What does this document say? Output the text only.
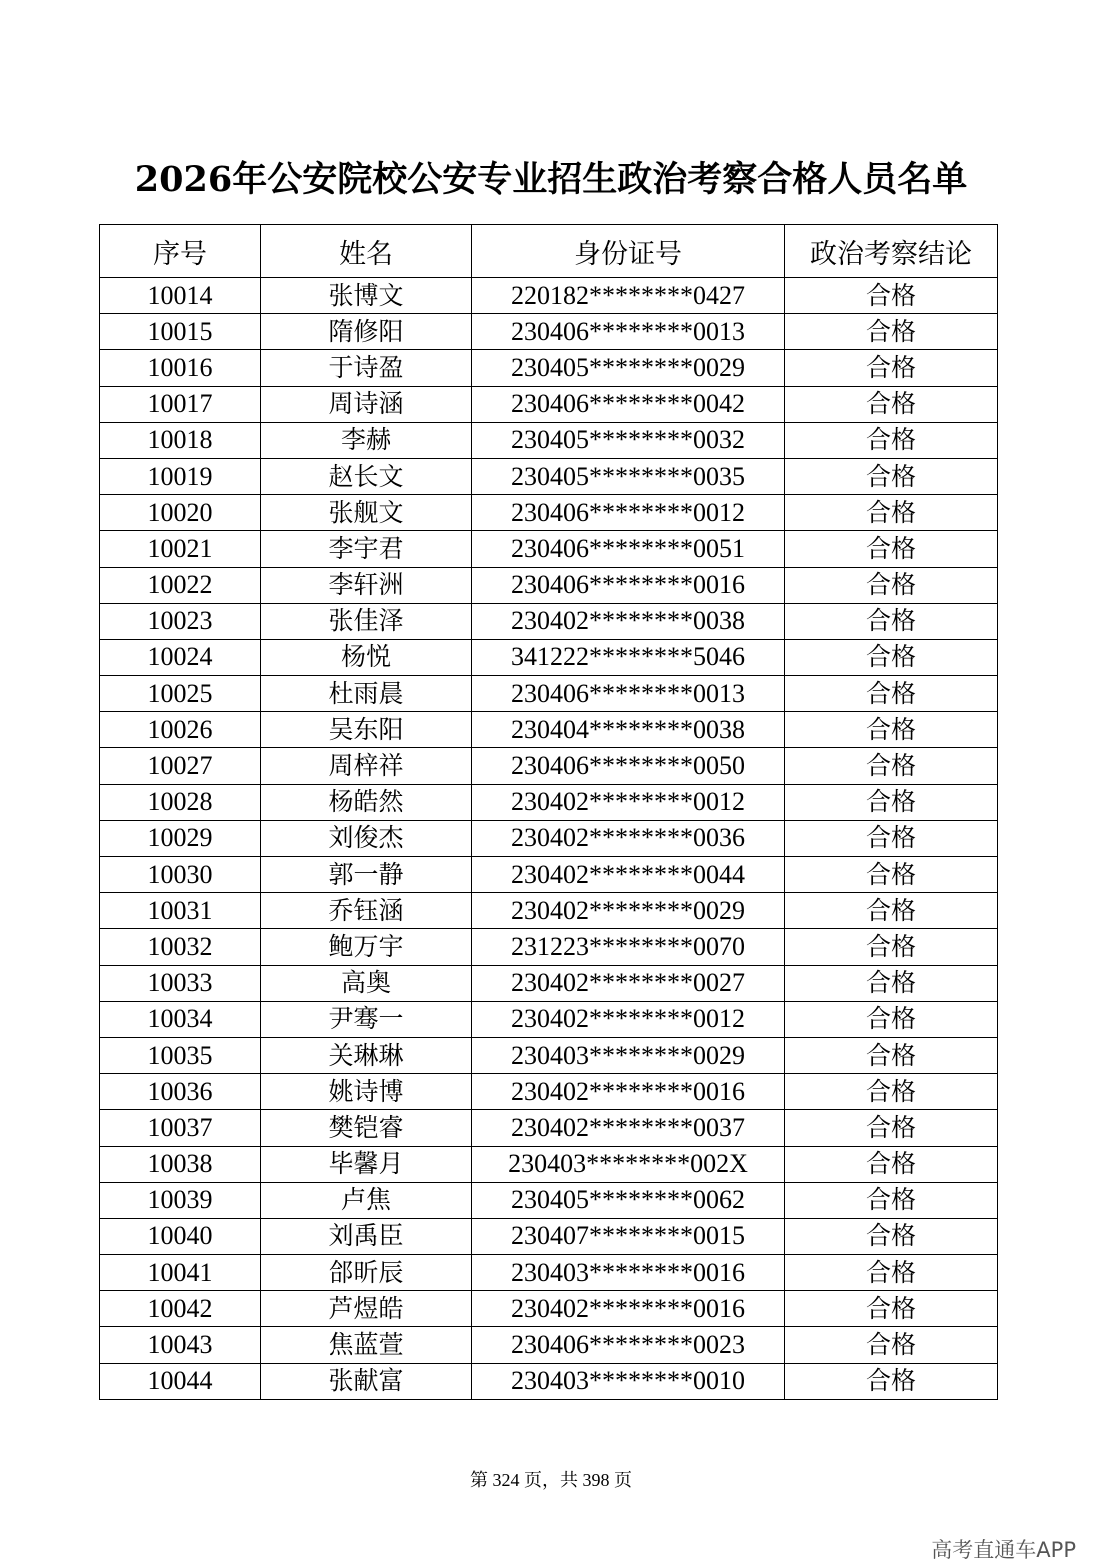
2026年公安院校公安专业招生政治考察合格人员名单
序号	姓名	身份证号	政治考察结论
10014	张博文	220182********0427	合格
10015	隋修阳	230406********0013	合格
10016	于诗盈	230405********0029	合格
10017	周诗涵	230406********0042	合格
10018	李赫	230405********0032	合格
10019	赵长文	230405********0035	合格
10020	张舰文	230406********0012	合格
10021	李宇君	230406********0051	合格
10022	李轩洲	230406********0016	合格
10023	张佳泽	230402********0038	合格
10024	杨悦	341222********5046	合格
10025	杜雨晨	230406********0013	合格
10026	吴东阳	230404********0038	合格
10027	周梓祥	230406********0050	合格
10028	杨皓然	230402********0012	合格
10029	刘俊杰	230402********0036	合格
10030	郭一静	230402********0044	合格
10031	乔钰涵	230402********0029	合格
10032	鲍万宇	231223********0070	合格
10033	高奥	230402********0027	合格
10034	尹骞一	230402********0012	合格
10035	关琳琳	230403********0029	合格
10036	姚诗博	230402********0016	合格
10037	樊铠睿	230402********0037	合格
10038	毕馨月	230403********002X	合格
10039	卢焦	230405********0062	合格
10040	刘禹臣	230407********0015	合格
10041	郃昕辰	230403********0016	合格
10042	芦煜皓	230402********0016	合格
10043	焦蓝萱	230406********0023	合格
10044	张献富	230403********0010	合格
第 324 页，共 398 页
高考直通车APP
